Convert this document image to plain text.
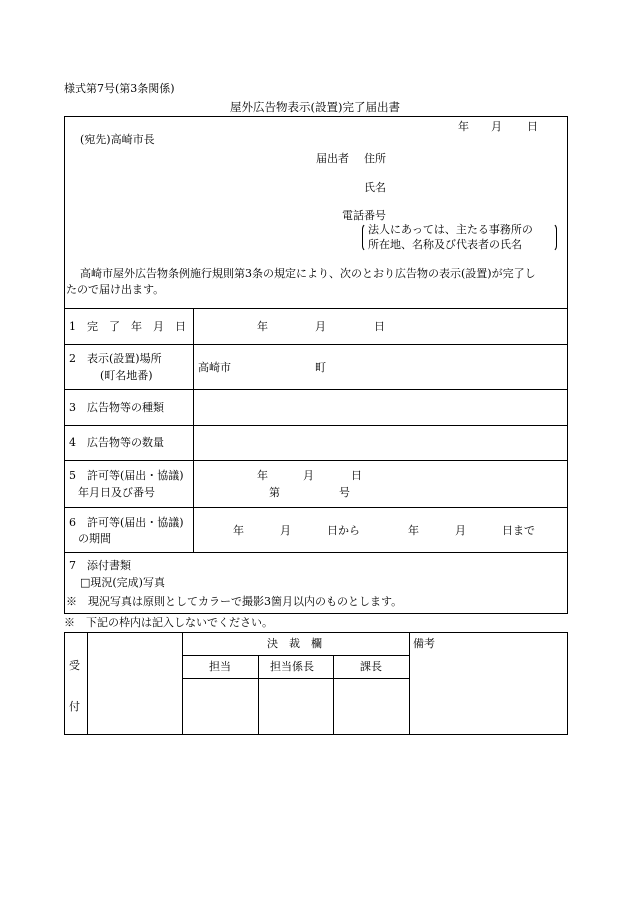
様式第7号(第3条関係)
屋外広告物表示(設置)完了届出書
年 月 日
(宛先)高崎市長
届出者 住所
氏名
電話番号
法人にあっては、主たる事務所の
所在地、名称及び代表者の氏名
高崎市屋外広告物条例施行規則第3条の規定により、次のとおり広告物の表示(設置)が完了し
たので届け出ます。
1　完　了　年　月　日	年	月	日
2　表示(設置)場所
(町名地番)
高崎市	町
3　広告物等の種類
4　広告物等の数量
5　許可等(届出・協議)
年月日及び番号
年	月	日
第	号
6　許可等(届出・協議)
の期間
年	月	日から	年	月	日まで
7　添付書類
□現況(完成)写真
※　現況写真は原則としてカラーで撮影3箇月以内のものとします。
※　下記の枠内は記入しないでください。
受
付
決　裁　欄
担当	担当係長	課長
備考
